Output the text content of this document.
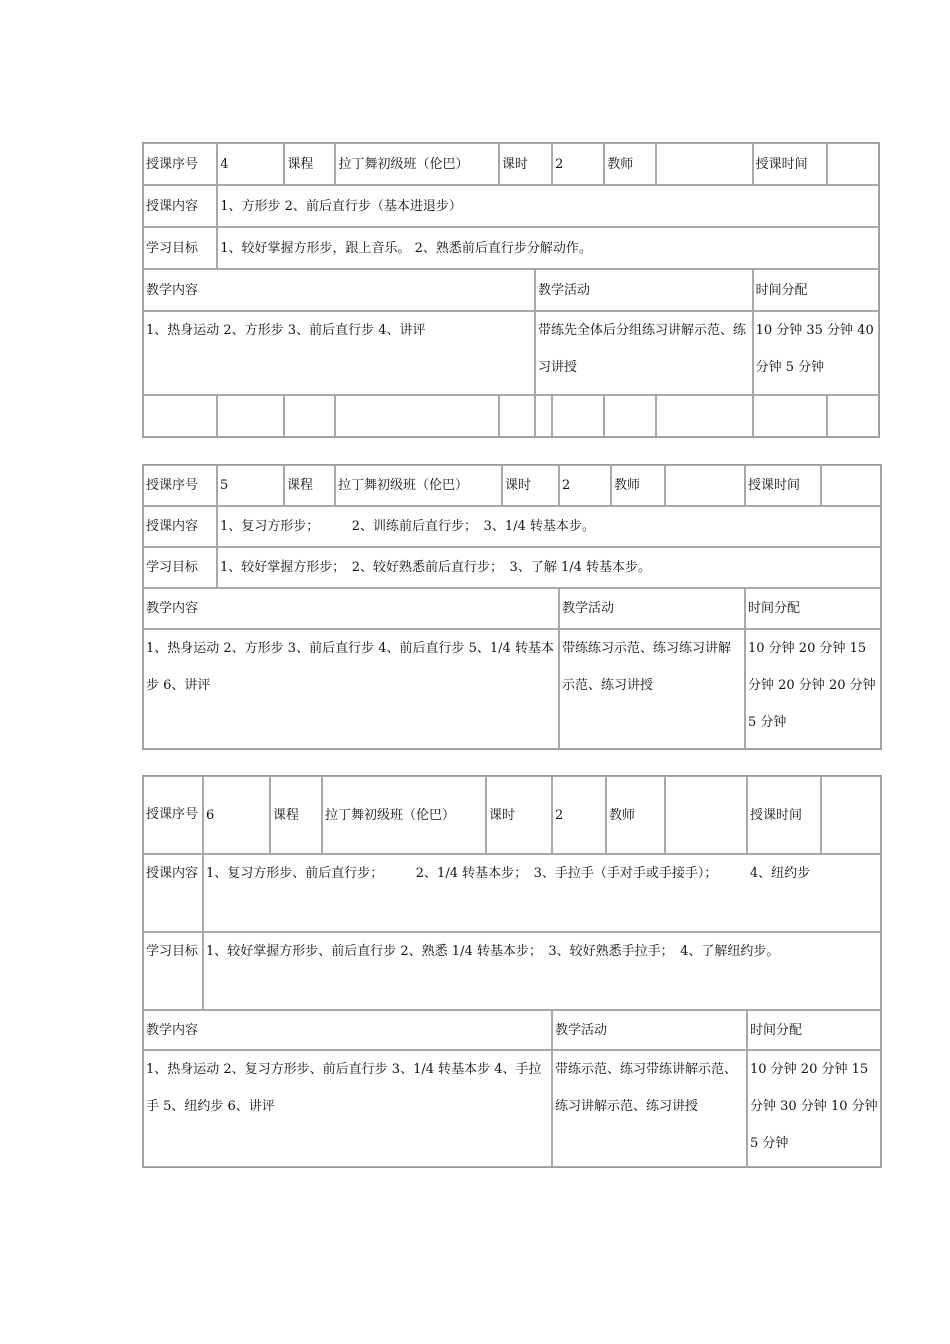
授课序号	4	课程	拉丁舞初级班（伦巴）	课时		2	教师		授课时间	
授课内容	1、方形步 2、前后直行步（基本进退步）									
学习目标	1、较好掌握方形步，跟上音乐。 2、熟悉前后直行步分解动作。									
教学内容					教学活动				时间分配	
1、热身运动 2、方形步 3、前后直行步 4、讲评					带练先全体后分组练习讲解示范、练习讲授				10 分钟 35 分钟 40 分钟 5 分钟	

授课序号	5	课程	拉丁舞初级班（伦巴）	课时	2	教师		授课时间	
授课内容	1、复习方形步；　　　2、训练前后直行步；　3、1/4 转基本步。								
学习目标	1、较好掌握方形步；　2、较好熟悉前后直行步；　3、了解 1/4 转基本步。								
教学内容					教学活动			时间分配	
1、热身运动 2、方形步 3、前后直行步 4、前后直行步 5、1/4 转基本步 6、讲评					带练练习示范、练习练习讲解示范、练习讲授			10 分钟 20 分钟 15 分钟 20 分钟 20 分钟 5 分钟	
授课序号	6	课程	拉丁舞初级班（伦巴）	课时	2	教师		授课时间	
授课内容	1、复习方形步、前后直行步；　　　2、1/4 转基本步；　3、手拉手（手对手或手接手）；　　　4、纽约步								
学习目标	1、较好掌握方形步、前后直行步 2、熟悉 1/4 转基本步；　3、较好熟悉手拉手；　4、了解纽约步。								
教学内容					教学活动			时间分配	
1、热身运动 2、复习方形步、前后直行步 3、1/4 转基本步 4、手拉手 5、纽约步 6、讲评					带练示范、练习带练讲解示范、练习讲解示范、练习讲授			10 分钟 20 分钟 15 分钟 30 分钟 10 分钟 5 分钟	
